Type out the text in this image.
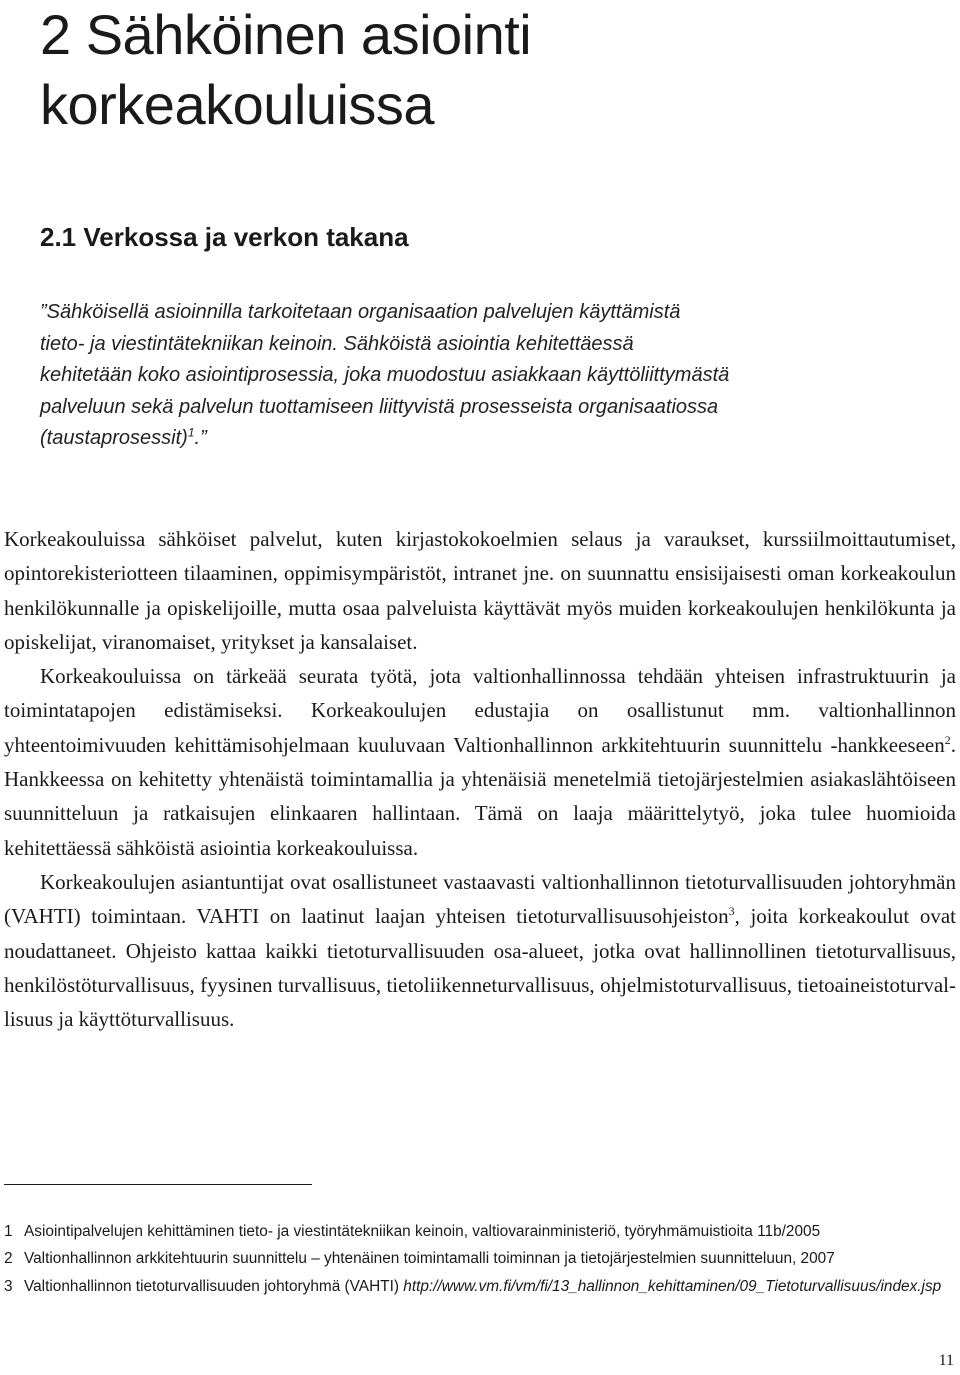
2 Sähköinen asiointi
korkeakouluissa
2.1 Verkossa ja verkon takana

”Sähköisellä asioinnilla tarkoitetaan organisaation palvelujen käyttämistä tieto- ja viestintätekniikan keinoin. Sähköistä asiointia kehitettäessä kehitetään koko asiointiprosessia, joka muodostuu asiakkaan käyttöliittymästä palveluun sekä palvelun tuottamiseen liittyvistä prosesseista organisaatiossa (taustaprosessit)$^1$.”

Korkeakouluissa sähköiset palvelut, kuten kirjastokokoelmien selaus ja varaukset, kurssiilmoittautumiset, opintorekisteriotteen tilaaminen, oppimisympäristöt, intranet jne. on suunnattu ensisijaisesti oman korkeakoulun henkilökunnalle ja opiskelijoille, mutta osaa palveluista käyttävät myös muiden korkeakoulujen henkilökunta ja opiskelijat, viranomaiset, yritykset ja kansalaiset.

Korkeakouluissa on tärkeää seurata työtä, jota valtionhallinnossa tehdään yhteisen infrastruktuurin ja toimintatapojen edistämiseksi. Korkeakoulujen edustajia on osallistunut mm. valtionhallinnon yhteentoimivuuden kehittämisohjelmaan kuuluvaan Valtionhallinnon arkkitehtuurin suunnittelu -hankkeeseen$^2$. Hankkeessa on kehitetty yhtenäistä toimintamallia ja yhtenäisiä menetelmiä tietojärjestelmien asiakaslähtöiseen suunnitteluun ja ratkaisujen elinkaaren hallintaan. Tämä on laaja määrittelytyö, joka tulee huomioida kehitettäessä sähköistä asiointia korkeakouluissa.

Korkeakoulujen asiantuntijat ovat osallistuneet vastaavasti valtionhallinnon tietoturvallisuuden johtoryhmän (VAHTI) toimintaan. VAHTI on laatinut laajan yhteisen tietoturvallisuusohjeiston$^3$, joita korkeakoulut ovat noudattaneet. Ohjeisto kattaa kaikki tietoturvallisuuden osa-alueet, jotka ovat hallinnollinen tietoturvallisuus, henkilöstöturvallisuus, fyysinen turvallisuus, tietoliikenneturvallisuus, ohjelmistoturvallisuus, tietoaineistoturvallisuus ja käyttöturvallisuus.

1 Asiointipalvelujen kehittäminen tieto- ja viestintätekniikan keinoin, valtiovarainministeriö, työryhmämuistioita 11b/2005

2 Valtionhallinnon arkkitehtuurin suunnittelu – yhtenäinen toimintamalli toiminnan ja tietojärjestelmien suunnitteluun, 2007

3 Valtionhallinnon tietoturvallisuuden johtoryhmä (VAHTI) http://www.vm.fi/vm/fi/13_hallinnon_kehittaminen/09_Tietoturvallisuus/index.jsp

11
